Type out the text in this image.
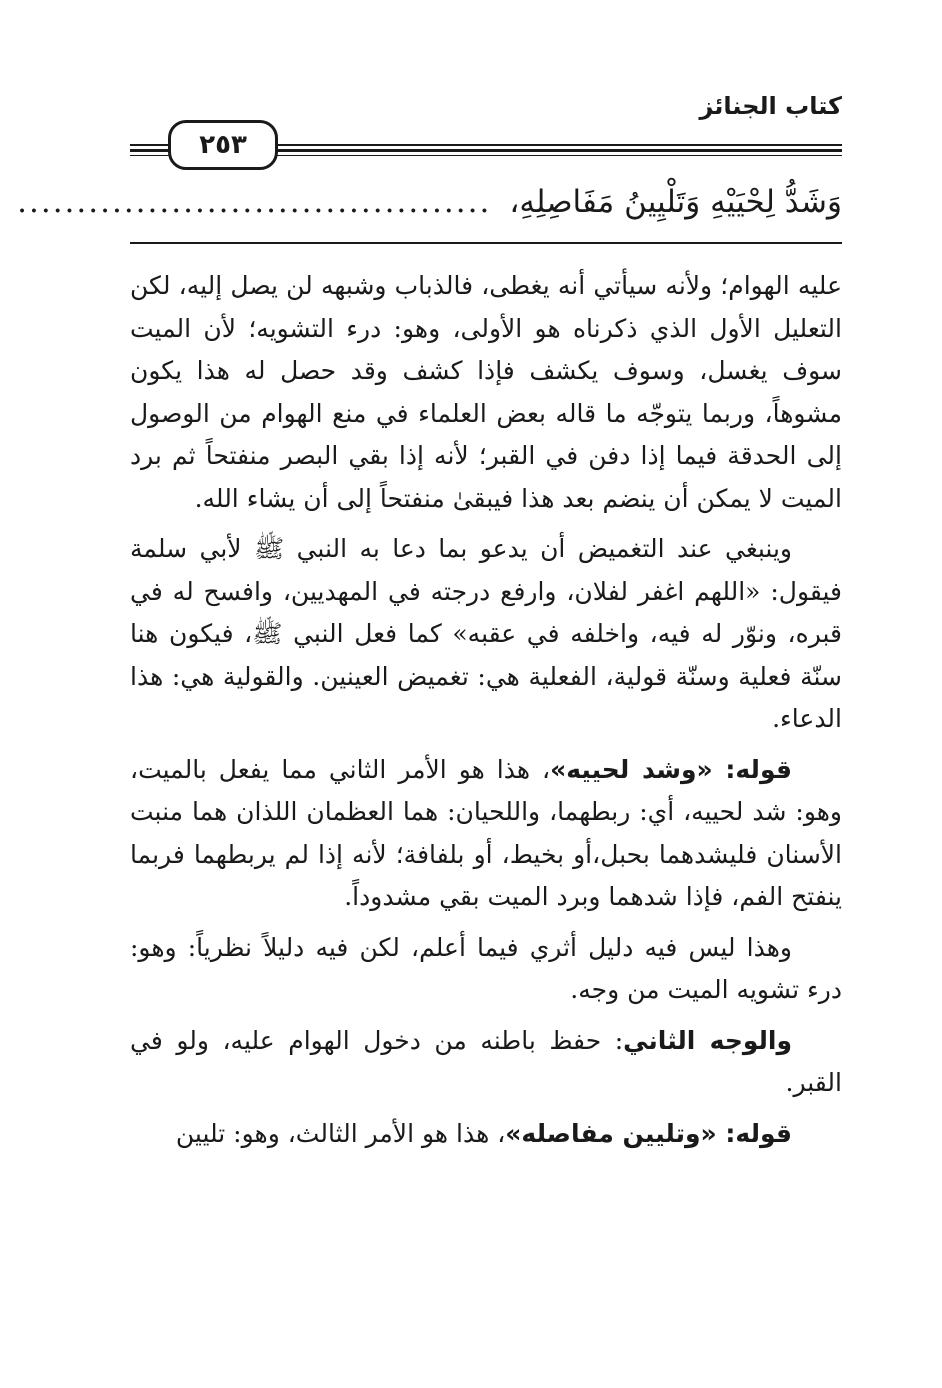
كتاب الجنائز
٢٥٣
وَشَدُّ لِحْيَيْهِ وَتَلْيِينُ مَفَاصِلِهِ،........................................

عليه الهوام؛ ولأنه سيأتي أنه يغطى، فالذباب وشبهه لن يصل إليه، لكن التعليل الأول الذي ذكرناه هو الأولى، وهو: درء التشويه؛ لأن الميت سوف يغسل، وسوف يكشف فإذا كشف وقد حصل له هذا يكون مشوهاً، وربما يتوجّه ما قاله بعض العلماء في منع الهوام من الوصول إلى الحدقة فيما إذا دفن في القبر؛ لأنه إذا بقي البصر منفتحاً ثم برد الميت لا يمكن أن ينضم بعد هذا فيبقىٰ منفتحاً إلى أن يشاء الله.

وينبغي عند التغميض أن يدعو بما دعا به النبي ﷺ لأبي سلمة فيقول: «اللهم اغفر لفلان، وارفع درجته في المهديين، وافسح له في قبره، ونوّر له فيه، واخلفه في عقبه» كما فعل النبي ﷺ، فيكون هنا سنّة فعلية وسنّة قولية، الفعلية هي: تغميض العينين. والقولية هي: هذا الدعاء.

قوله: «وشد لحييه»، هذا هو الأمر الثاني مما يفعل بالميت، وهو: شد لحييه، أي: ربطهما، واللحيان: هما العظمان اللذان هما منبت الأسنان فليشدهما بحبل،أو بخيط، أو بلفافة؛ لأنه إذا لم يربطهما فربما ينفتح الفم، فإذا شدهما وبرد الميت بقي مشدوداً.

وهذا ليس فيه دليل أثري فيما أعلم، لكن فيه دليلاً نظرياً: وهو: درء تشويه الميت من وجه.

والوجه الثاني: حفظ باطنه من دخول الهوام عليه، ولو في القبر.

قوله: «وتليين مفاصله»، هذا هو الأمر الثالث، وهو: تليين
